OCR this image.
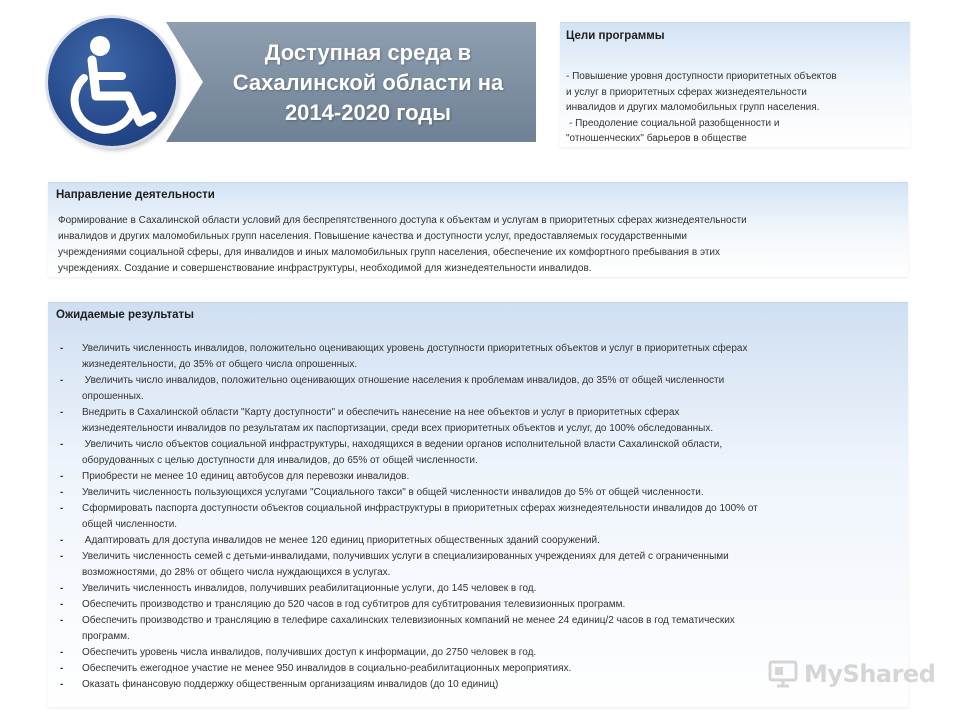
Доступная среда в
Сахалинской области на
2014-2020 годы
Цели программы
- Повышение уровня доступности приоритетных объектов
и услуг в приоритетных сферах жизнедеятельности
инвалидов и других маломобильных групп населения.
- Преодоление социальной разобщенности и
"отношенческих" барьеров в обществе
Направление деятельности
Формирование в Сахалинской области условий для беспрепятственного доступа к объектам и услугам в приоритетных сферах жизнедеятельности
инвалидов и других маломобильных групп населения. Повышение качества и доступности услуг, предоставляемых государственными
учреждениями социальной сферы, для инвалидов и иных маломобильных групп населения, обеспечение их комфортного пребывания в этих
учреждениях. Создание и совершенствование инфраструктуры, необходимой для жизнедеятельности инвалидов.
Ожидаемые результаты
- Увеличить численность инвалидов, положительно оценивающих уровень доступности приоритетных объектов и услуг в приоритетных сферах
жизнедеятельности, до 35% от общего числа опрошенных.
- Увеличить число инвалидов, положительно оценивающих отношение населения к проблемам инвалидов, до 35% от общей численности
опрошенных.
- Внедрить в Сахалинской области "Карту доступности" и обеспечить нанесение на нее объектов и услуг в приоритетных сферах
жизнедеятельности инвалидов по результатам их паспортизации, среди всех приоритетных объектов и услуг, до 100% обследованных.
- Увеличить число объектов социальной инфраструктуры, находящихся в ведении органов исполнительной власти Сахалинской области,
оборудованных с целью доступности для инвалидов, до 65% от общей численности.
- Приобрести не менее 10 единиц автобусов для перевозки инвалидов.
- Увеличить численность пользующихся услугами "Социального такси" в общей численности инвалидов до 5% от общей численности.
- Сформировать паспорта доступности объектов социальной инфраструктуры в приоритетных сферах жизнедеятельности инвалидов до 100% от
общей численности.
- Адаптировать для доступа инвалидов не менее 120 единиц приоритетных общественных зданий сооружений.
- Увеличить численность семей с детьми-инвалидами, получивших услуги в специализированных учреждениях для детей с ограниченными
возможностями, до 28% от общего числа нуждающихся в услугах.
- Увеличить численность инвалидов, получивших реабилитационные услуги, до 145 человек в год.
- Обеспечить производство и трансляцию до 520 часов в год субтитров для субтитрования телевизионных программ.
- Обеспечить производство и трансляцию в телефире сахалинских телевизионных компаний не менее 24 единиц/2 часов в год тематических
программ.
- Обеспечить уровень числа инвалидов, получивших доступ к информации, до 2750 человек в год.
- Обеспечить ежегодное участие не менее 950 инвалидов в социально-реабилитационных мероприятиях.
- Оказать финансовую поддержку общественным организациям инвалидов (до 10 единиц)	MyShared
